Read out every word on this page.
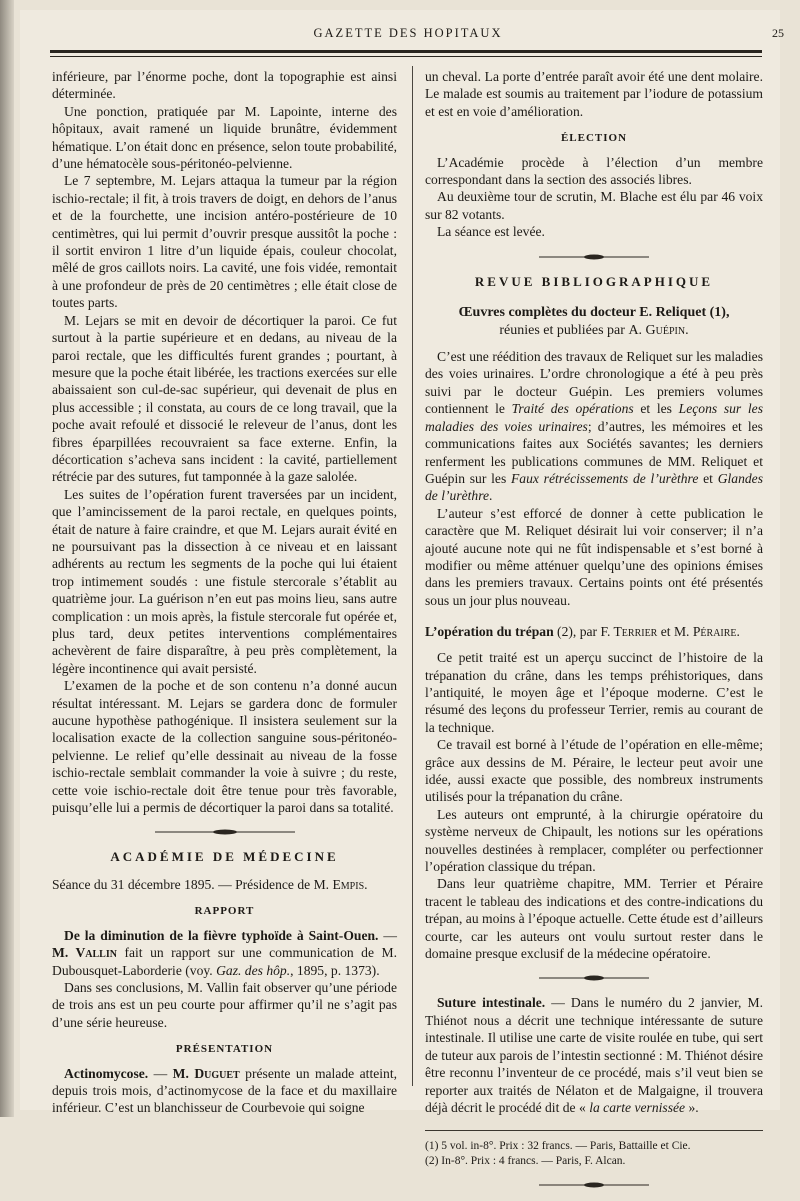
GAZETTE DES HOPITAUX	25

inférieure, par l’énorme poche, dont la topographie est ainsi déterminée.

Une ponction, pratiquée par M. Lapointe, interne des hôpitaux, avait ramené un liquide brunâtre, évidemment hématique. L’on était donc en présence, selon toute probabilité, d’une hématocèle sous-péritonéo-pelvienne.

Le 7 septembre, M. Lejars attaqua la tumeur par la région ischio-rectale; il fit, à trois travers de doigt, en dehors de l’anus et de la fourchette, une incision antéro-postérieure de 10 centimètres, qui lui permit d’ouvrir presque aussitôt la poche : il sortit environ 1 litre d’un liquide épais, couleur chocolat, mêlé de gros caillots noirs. La cavité, une fois vidée, remontait à une profondeur de près de 20 centimètres ; elle était close de toutes parts.

M. Lejars se mit en devoir de décortiquer la paroi. Ce fut surtout à la partie supérieure et en dedans, au niveau de la paroi rectale, que les difficultés furent grandes ; pourtant, à mesure que la poche était libérée, les tractions exercées sur elle abaissaient son cul-de-sac supérieur, qui devenait de plus en plus accessible ; il constata, au cours de ce long travail, que la poche avait refoulé et dissocié le releveur de l’anus, dont les fibres éparpillées recouvraient sa face externe. Enfin, la décortication s’acheva sans incident : la cavité, partiellement rétrécie par des sutures, fut tamponnée à la gaze salolée.

Les suites de l’opération furent traversées par un incident, que l’amincissement de la paroi rectale, en quelques points, était de nature à faire craindre, et que M. Lejars aurait évité en ne poursuivant pas la dissection à ce niveau et en laissant adhérents au rectum les segments de la poche qui lui étaient trop intimement soudés : une fistule stercorale s’établit au quatrième jour. La guérison n’en eut pas moins lieu, sans autre complication : un mois après, la fistule stercorale fut opérée et, plus tard, deux petites interventions complémentaires achevèrent de faire disparaître, à peu près complètement, la légère incontinence qui avait persisté.

L’examen de la poche et de son contenu n’a donné aucun résultat intéressant. M. Lejars se gardera donc de formuler aucune hypothèse pathogénique. Il insistera seulement sur la localisation exacte de la collection sanguine sous-péritonéo-pelvienne. Le relief qu’elle dessinait au niveau de la fosse ischio-rectale semblait commander la voie à suivre ; du reste, cette voie ischio-rectale doit être tenue pour très favorable, puisqu’elle lui a permis de décortiquer la paroi dans sa totalité.

ACADÉMIE DE MÉDECINE

Séance du 31 décembre 1895. — Présidence de M. Empis.

RAPPORT

De la diminution de la fièvre typhoïde à Saint-Ouen. — M. Vallin fait un rapport sur une communication de M. Dubousquet-Laborderie (voy. Gaz. des hôp., 1895, p. 1373).

Dans ses conclusions, M. Vallin fait observer qu’une période de trois ans est un peu courte pour affirmer qu’il ne s’agit pas d’une série heureuse.

PRÉSENTATION

Actinomycose. — M. Duguet présente un malade atteint, depuis trois mois, d’actinomycose de la face et du maxillaire inférieur. C’est un blanchisseur de Courbevoie qui soigne

un cheval. La porte d’entrée paraît avoir été une dent molaire. Le malade est soumis au traitement par l’iodure de potassium et est en voie d’amélioration.

ÉLECTION

L’Académie procède à l’élection d’un membre correspondant dans la section des associés libres.

Au deuxième tour de scrutin, M. Blache est élu par 46 voix sur 82 votants.

La séance est levée.

REVUE BIBLIOGRAPHIQUE
Œuvres complètes du docteur E. Reliquet (1),
réunies et publiées par A. Guépin.

C’est une réédition des travaux de Reliquet sur les maladies des voies urinaires. L’ordre chronologique a été à peu près suivi par le docteur Guépin. Les premiers volumes contiennent le Traité des opérations et les Leçons sur les maladies des voies urinaires; d’autres, les mémoires et les communications faites aux Sociétés savantes; les derniers renferment les publications communes de MM. Reliquet et Guépin sur les Faux rétrécissements de l’urèthre et Glandes de l’urèthre.

L’auteur s’est efforcé de donner à cette publication le caractère que M. Reliquet désirait lui voir conserver; il n’a ajouté aucune note qui ne fût indispensable et s’est borné à modifier ou même atténuer quelqu’une des opinions émises dans les premiers travaux. Certains points ont été présentés sous un jour plus nouveau.

L’opération du trépan (2), par F. Terrier et M. Péraire.

Ce petit traité est un aperçu succinct de l’histoire de la trépanation du crâne, dans les temps préhistoriques, dans l’antiquité, le moyen âge et l’époque moderne. C’est le résumé des leçons du professeur Terrier, remis au courant de la technique.

Ce travail est borné à l’étude de l’opération en elle-même; grâce aux dessins de M. Péraire, le lecteur peut avoir une idée, aussi exacte que possible, des nombreux instruments utilisés pour la trépanation du crâne.

Les auteurs ont emprunté, à la chirurgie opératoire du système nerveux de Chipault, les notions sur les opérations nouvelles destinées à remplacer, compléter ou perfectionner l’opération classique du trépan.

Dans leur quatrième chapitre, MM. Terrier et Péraire tracent le tableau des indications et des contre-indications du trépan, au moins à l’époque actuelle. Cette étude est d’ailleurs courte, car les auteurs ont voulu surtout rester dans le domaine presque exclusif de la médecine opératoire.

Suture intestinale. — Dans le numéro du 2 janvier, M. Thiénot nous a décrit une technique intéressante de suture intestinale. Il utilise une carte de visite roulée en tube, qui sert de tuteur aux parois de l’intestin sectionné : M. Thiénot désire être reconnu l’inventeur de ce procédé, mais s’il veut bien se reporter aux traités de Nélaton et de Malgaigne, il trouvera déjà décrit le procédé dit de « la carte vernissée ».

(1) 5 vol. in-8°. Prix : 32 francs. — Paris, Battaille et Cie.
(2) In-8°. Prix : 4 francs. — Paris, F. Alcan.
